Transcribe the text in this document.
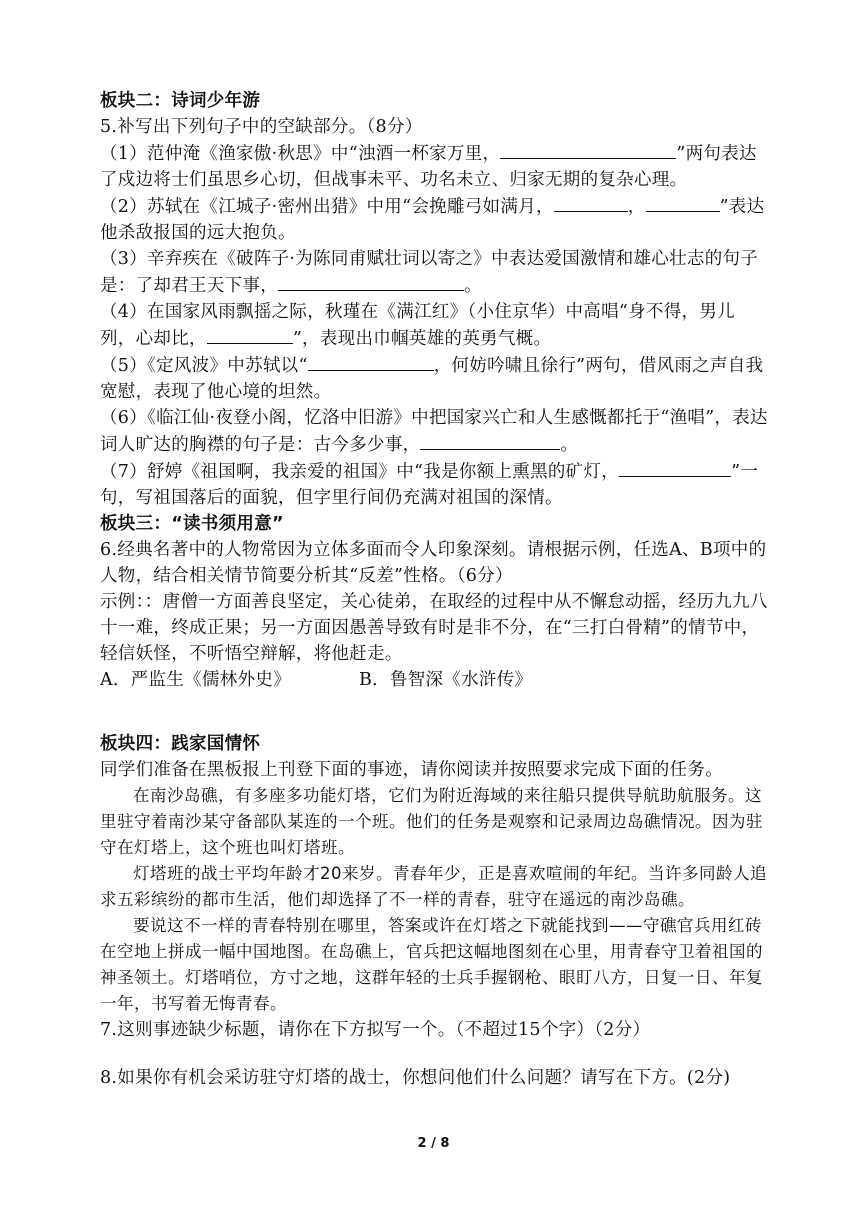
板块二：诗词少年游

5.补写出下列句子中的空缺部分。（8分）

（1）范仲淹《渔家傲·秋思》中“浊酒一杯家万里，	”两句表达了戍边将士们虽思乡心切，但战事未平、功名未立、归家无期的复杂心理。

（2）苏轼在《江城子·密州出猎》中用“会挽雕弓如满月，	，	”表达他杀敌报国的远大抱负。

（3）辛弃疾在《破阵子·为陈同甫赋壮词以寄之》中表达爱国激情和雄心壮志的句子是：了却君王天下事，	。

（4）在国家风雨飘摇之际，秋瑾在《满江红》（小住京华）中高唱“身不得，男儿列，心却比，	”，表现出巾帼英雄的英勇气概。

（5）《定风波》中苏轼以“	，何妨吟啸且徐行”两句，借风雨之声自我宽慰，表现了他心境的坦然。

（6）《临江仙·夜登小阁，忆洛中旧游》中把国家兴亡和人生感慨都托于“渔唱”，表达词人旷达的胸襟的句子是：古今多少事，	。

（7）舒婷《祖国啊，我亲爱的祖国》中“我是你额上熏黑的矿灯，	”一句，写祖国落后的面貌，但字里行间仍充满对祖国的深情。

板块三：“读书须用意”

6.经典名著中的人物常因为立体多面而令人印象深刻。请根据示例，任选A、B项中的人物，结合相关情节简要分析其“反差”性格。（6分）

示例：：唐僧一方面善良坚定，关心徒弟，在取经的过程中从不懈怠动摇，经历九九八十一难，终成正果；另一方面因愚善导致有时是非不分，在“三打白骨精”的情节中，轻信妖怪，不听悟空辩解，将他赶走。

A．严监生《儒林外史》	B．鲁智深《水浒传》
板块四：践家国情怀

同学们准备在黑板报上刊登下面的事迹，请你阅读并按照要求完成下面的任务。

在南沙岛礁，有多座多功能灯塔，它们为附近海域的来往船只提供导航助航服务。这里驻守着南沙某守备部队某连的一个班。他们的任务是观察和记录周边岛礁情况。因为驻守在灯塔上，这个班也叫灯塔班。

灯塔班的战士平均年龄才20来岁。青春年少，正是喜欢喧闹的年纪。当许多同龄人追求五彩缤纷的都市生活，他们却选择了不一样的青春，驻守在遥远的南沙岛礁。

要说这不一样的青春特别在哪里，答案或许在灯塔之下就能找到——守礁官兵用红砖在空地上拼成一幅中国地图。在岛礁上，官兵把这幅地图刻在心里，用青春守卫着祖国的神圣领土。灯塔哨位，方寸之地，这群年轻的士兵手握钢枪、眼盯八方，日复一日、年复一年，书写着无悔青春。

7.这则事迹缺少标题，请你在下方拟写一个。（不超过15个字）（2分）

8.如果你有机会采访驻守灯塔的战士，你想问他们什么问题？请写在下方。(2分)

2 / 8
